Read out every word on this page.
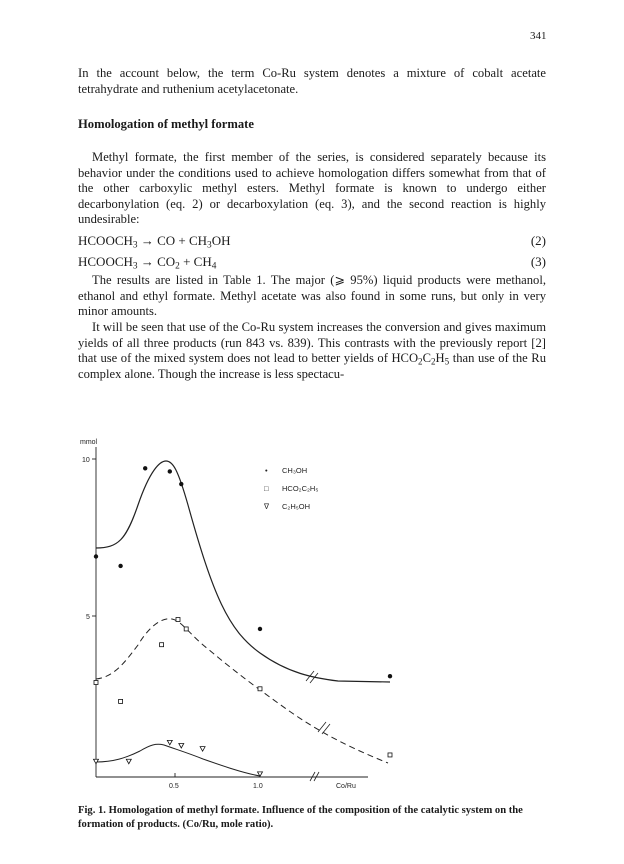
341

In the account below, the term Co-Ru system denotes a mixture of cobalt acetate tetrahydrate and ruthenium acetylacetonate.

Homologation of methyl formate

Methyl formate, the first member of the series, is considered separately because its behavior under the conditions used to achieve homologation differs somewhat from that of the other carboxylic methyl esters. Methyl formate is known to undergo either decarbonylation (eq. 2) or decarboxylation (eq. 3), and the second reaction is highly undesirable:

$HCOOCH_3$ → CO + $CH_3OH$	(2)
$HCOOCH_3 \to CO_2 + CH_4$	(3)

The results are listed in Table 1. The major (⩾ 95%) liquid products were methanol, ethanol and ethyl formate. Methyl acetate was also found in some runs, but only in very minor amounts.

It will be seen that use of the Co-Ru system increases the conversion and gives maximum yields of all three products (run 843 vs. 839). This contrasts with the previously report [2] that use of the mixed system does not lead to better yields of $HCO_2C_2H_5$ than use of the Ru complex alone. Though the increase is less spectacu-

mmol
10
5
0.5	1.0	Co/Ru
• CH₃OH
□ HCO₂C₂H₅
∇ C₂H₅OH

Fig. 1. Homologation of methyl formate. Influence of the composition of the catalytic system on the formation of products. (Co/Ru, mole ratio).
